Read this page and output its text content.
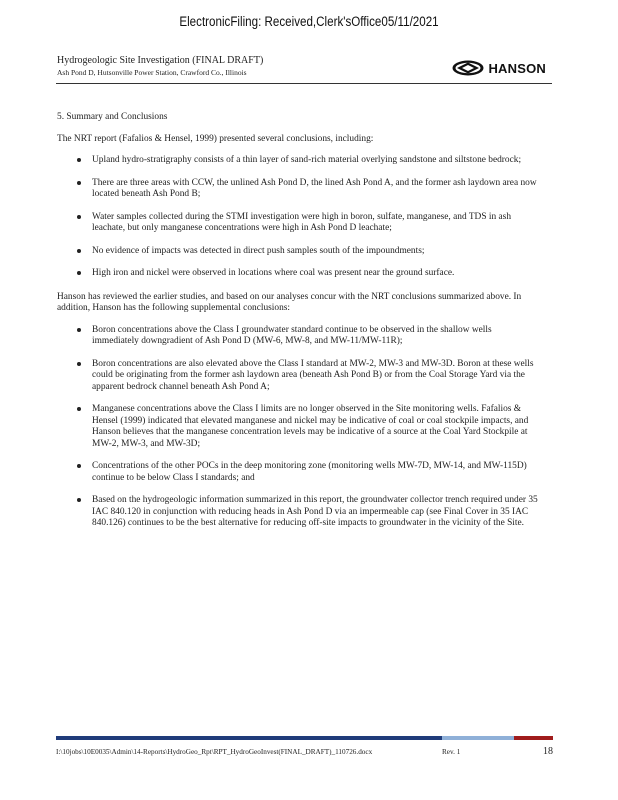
ElectronicFiling: Received,Clerk'sOffice05/11/2021
Hydrogeologic Site Investigation (FINAL DRAFT)
Ash Pond D, Hutsonville Power Station, Crawford Co., Illinois	HANSON
5. Summary and Conclusions

The NRT report (Fafalios & Hensel, 1999) presented several conclusions, including:

Upland hydro-stratigraphy consists of a thin layer of sand-rich material overlying sandstone and siltstone bedrock;
There are three areas with CCW, the unlined Ash Pond D, the lined Ash Pond A, and the former ash laydown area now located beneath Ash Pond B;
Water samples collected during the STMI investigation were high in boron, sulfate, manganese, and TDS in ash leachate, but only manganese concentrations were high in Ash Pond D leachate;
No evidence of impacts was detected in direct push samples south of the impoundments;
High iron and nickel were observed in locations where coal was present near the ground surface.

Hanson has reviewed the earlier studies, and based on our analyses concur with the NRT conclusions summarized above. In addition, Hanson has the following supplemental conclusions:

Boron concentrations above the Class I groundwater standard continue to be observed in the shallow wells immediately downgradient of Ash Pond D (MW-6, MW-8, and MW-11/MW-11R);
Boron concentrations are also elevated above the Class I standard at MW-2, MW-3 and MW-3D. Boron at these wells could be originating from the former ash laydown area (beneath Ash Pond B) or from the Coal Storage Yard via the apparent bedrock channel beneath Ash Pond A;
Manganese concentrations above the Class I limits are no longer observed in the Site monitoring wells. Fafalios & Hensel (1999) indicated that elevated manganese and nickel may be indicative of coal or coal stockpile impacts, and Hanson believes that the manganese concentration levels may be indicative of a source at the Coal Yard Stockpile at MW-2, MW-3, and MW-3D;
Concentrations of the other POCs in the deep monitoring zone (monitoring wells MW-7D, MW-14, and MW-115D) continue to be below Class I standards; and
Based on the hydrogeologic information summarized in this report, the groundwater collector trench required under 35 IAC 840.120 in conjunction with reducing heads in Ash Pond D via an impermeable cap (see Final Cover in 35 IAC 840.126) continues to be the best alternative for reducing off-site impacts to groundwater in the vicinity of the Site.
I:\10jobs\10E0035\Admin\14-Reports\HydroGeo_Rpt\RPT_HydroGeoInvest(FINAL_DRAFT)_110726.docx	Rev. 1	18
